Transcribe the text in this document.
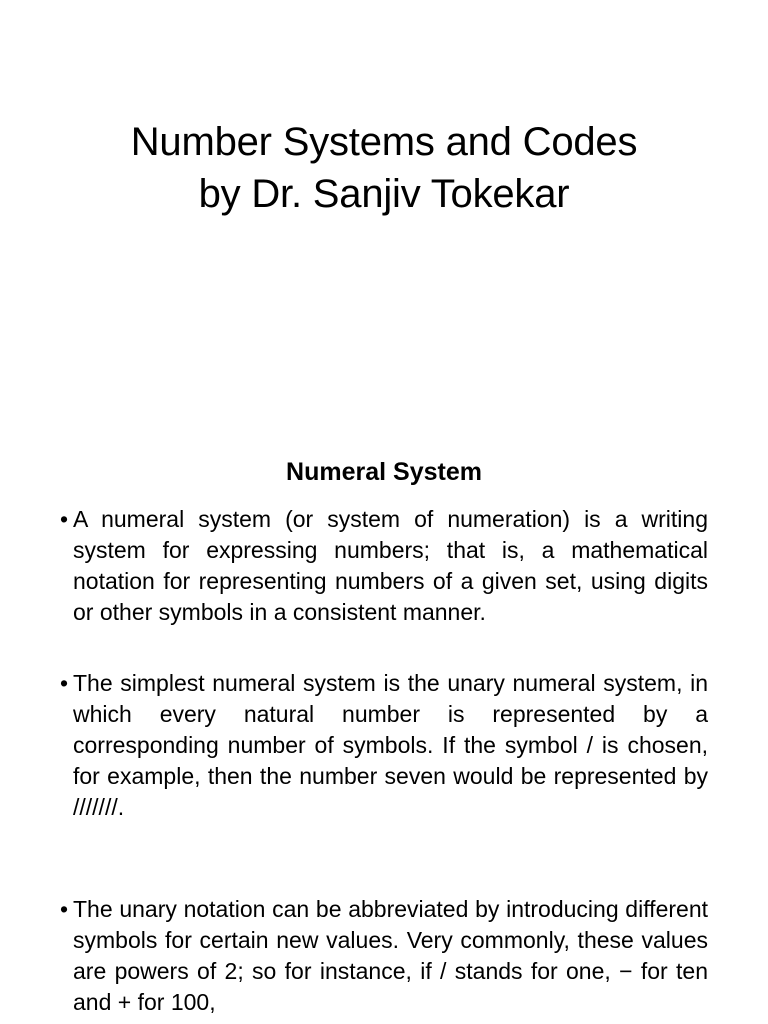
Number Systems and Codes
by Dr. Sanjiv Tokekar
Numeral System
• A numeral system (or system of numeration) is a writing system for expressing numbers; that is, a mathematical notation for representing numbers of a given set, using digits or other symbols in a consistent manner.
• The simplest numeral system is the unary numeral system, in which every natural number is represented by a corresponding number of symbols. If the symbol / is chosen, for example, then the number seven would be represented by ///////.
• The unary notation can be abbreviated by introducing different symbols for certain new values. Very commonly, these values are powers of 2; so for instance, if / stands for one, − for ten and + for 100,
